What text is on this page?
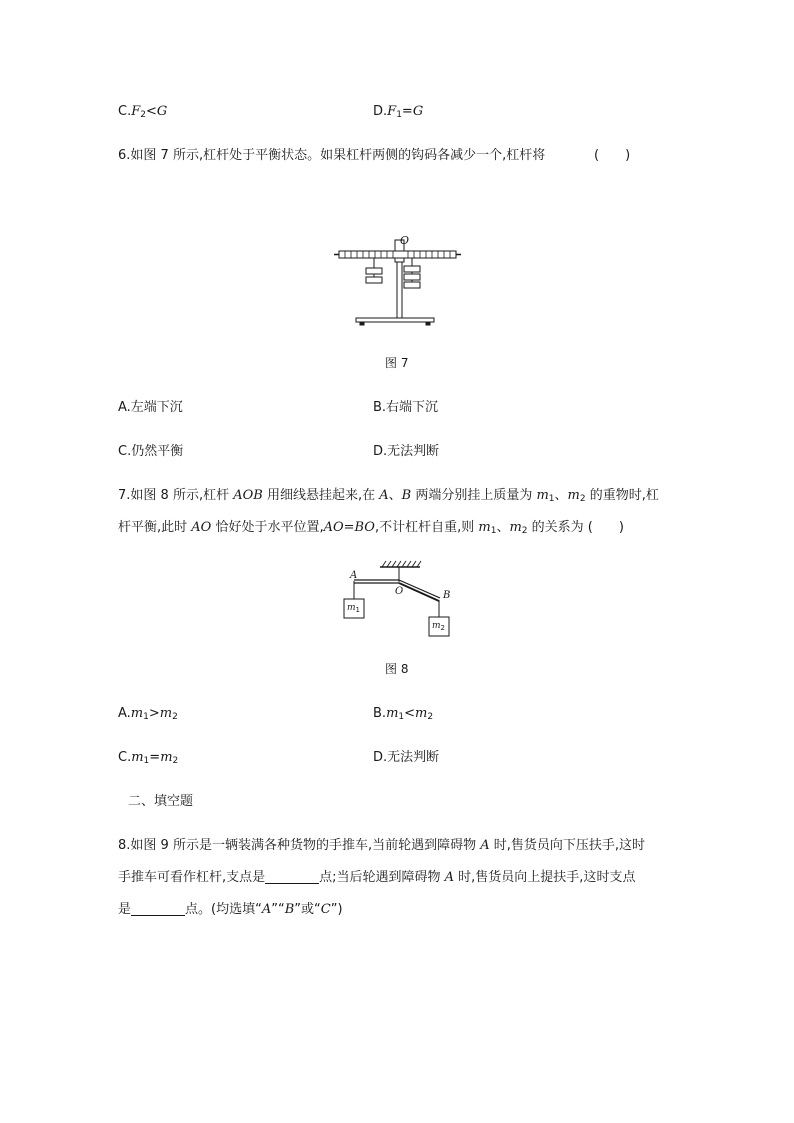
$C.F_2<G$	$D.F_1=G$
6.如图 7 所示,杠杆处于平衡状态。如果杠杆两侧的钩码各减少一个,杠杆将	(　　)
O
图 7
A.左端下沉	B.右端下沉
C.仍然平衡	D.无法判断
7.如图 8 所示,杠杆 AOB 用细线悬挂起来,在 A、B 两端分别挂上质量为 $m_1$、$m_2$ 的重物时,杠
杆平衡,此时 AO 恰好处于水平位置,AO=BO,不计杠杆自重,则 $m_1$、$m_2$ 的关系为 (　　)
A
O	B
$m_1$
$m_2$
图 8
$A.m_1>m_2$	$B.m_1<m_2$
$C.m_1=m_2$	D.无法判断
二、填空题
8.如图 9 所示是一辆装满各种货物的手推车,当前轮遇到障碍物 A 时,售货员向下压扶手,这时
手推车可看作杠杆,支点是	点;当后轮遇到障碍物 A 时,售货员向上提扶手,这时支点
是	点。(均选填“A”“B”或“C”)
